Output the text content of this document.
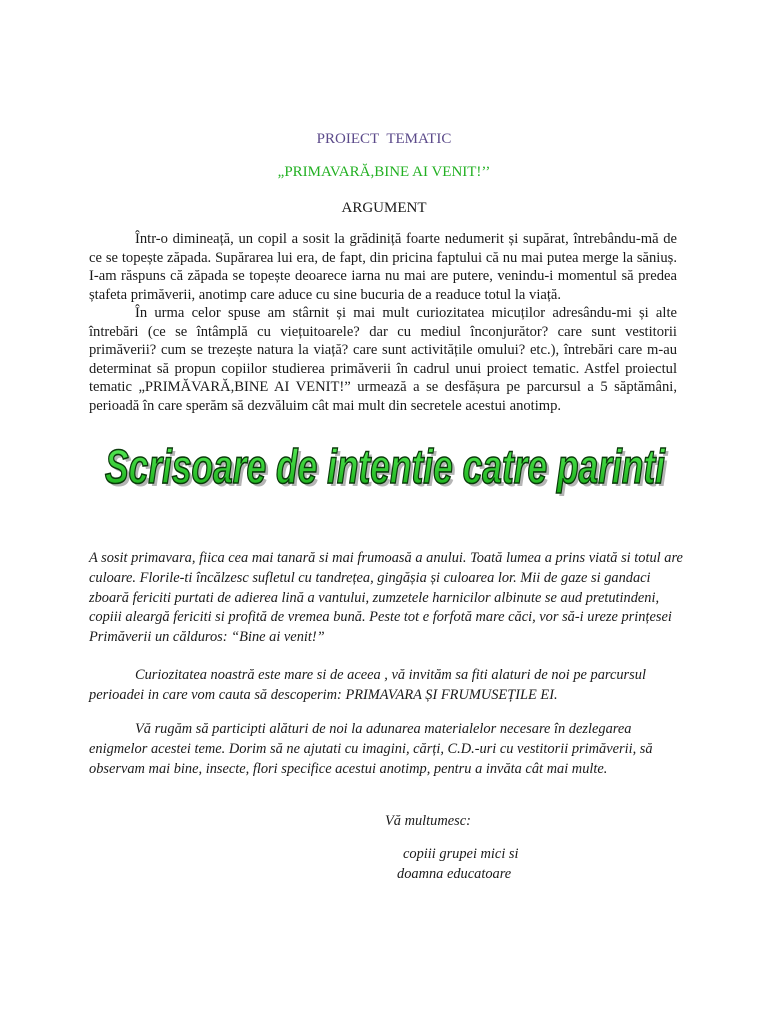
PROIECT TEMATIC
„PRIMAVARĂ,BINE AI VENIT!’’
ARGUMENT

Într-o dimineață, un copil a sosit la grădiniță foarte nedumerit și supărat, întrebându-mă de ce se topește zăpada. Supărarea lui era, de fapt, din pricina faptului că nu mai putea merge la săniuș. I-am răspuns că zăpada se topește deoarece iarna nu mai are putere, venindu-i momentul să predea ștafeta primăverii, anotimp care aduce cu sine bucuria de a readuce totul la viață.

În urma celor spuse am stârnit și mai mult curiozitatea micuților adresându-mi și alte întrebări (ce se întâmplă cu viețuitoarele? dar cu mediul înconjurător? care sunt vestitorii primăverii? cum se trezește natura la viață? care sunt activitățile omului? etc.), întrebări care m-au determinat să propun copiilor studierea primăverii în cadrul unui proiect tematic. Astfel proiectul tematic „PRIMĂVARĂ,BINE AI VENIT!” urmează a se desfășura pe parcursul a 5 săptămâni, perioadă în care sperăm să dezvăluim cât mai mult din secretele acestui anotimp.

Scrisoare de intentie catre parinti
Scrisoare de intentie catre parinti

A sosit primavara, fiica cea mai tanară si mai frumoasă a anului. Toată lumea a prins viată si totul are culoare. Florile-ti încălzesc sufletul cu tandrețea, gingășia și culoarea lor. Mii de gaze si gandaci zboară fericiti purtati de adierea lină a vantului, zumzetele harnicilor albinute se aud pretutindeni, copiii aleargă fericiti si profită de vremea bună. Peste tot e forfotă mare căci, vor să-i ureze prințesei Primăverii un călduros: “Bine ai venit!”

Curiozitatea noastră este mare si de aceea , vă invităm sa fiti alaturi de noi pe parcursul perioadei in care vom cauta să descoperim: PRIMAVARA ȘI FRUMUSEȚILE EI.

Vă rugăm să participti alături de noi la adunarea materialelor necesare în dezlegarea enigmelor acestei teme. Dorim să ne ajutati cu imagini, cărți, C.D.-uri cu vestitorii primăverii, să observam mai bine, insecte, flori specifice acestui anotimp, pentru a invăta cât mai multe.

Vă multumesc:
copiii grupei mici si
doamna educatoare
